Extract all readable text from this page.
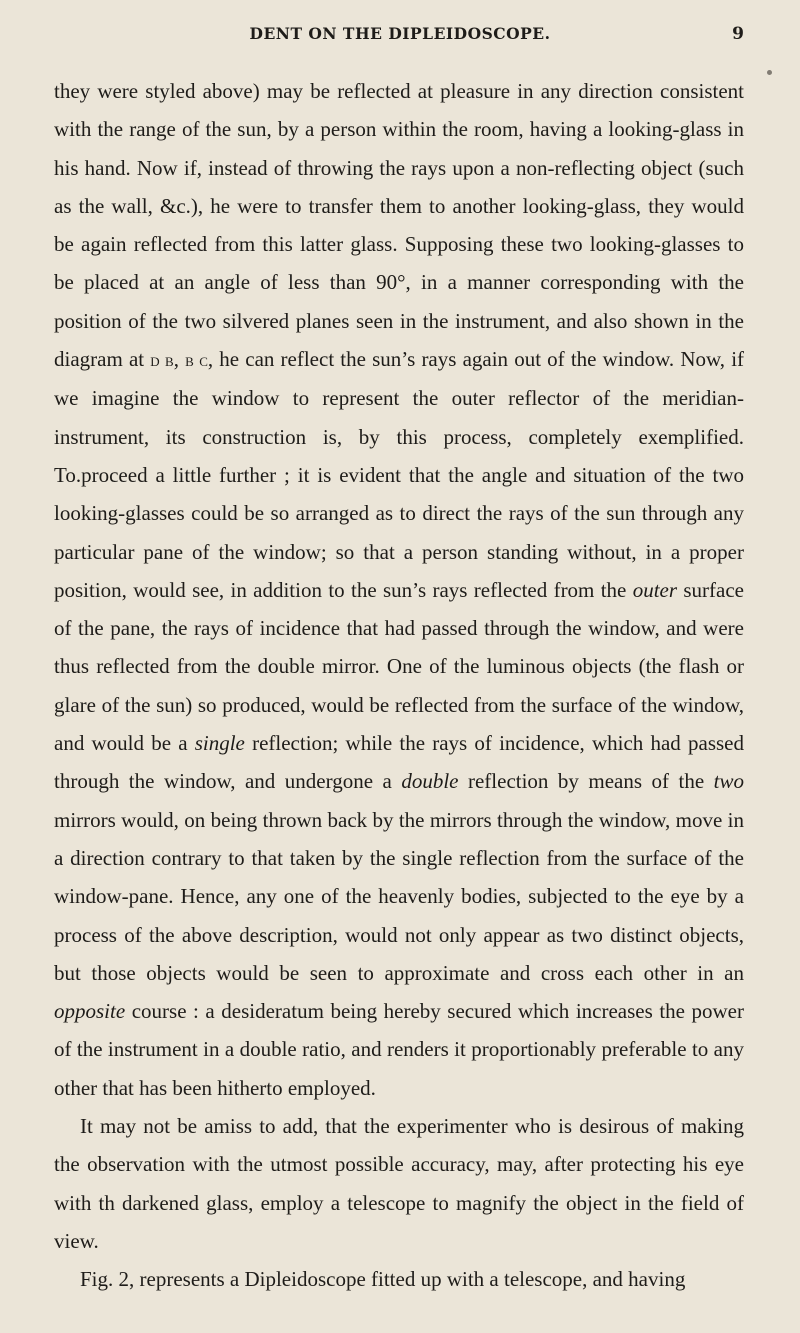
DENT ON THE DIPLEIDOSCOPE.	9

they were styled above) may be reflected at pleasure in any direction consistent with the range of the sun, by a person within the room, having a looking-glass in his hand. Now if, instead of throwing the rays upon a non-reflecting object (such as the wall, &c.), he were to transfer them to another looking-glass, they would be again reflected from this latter glass. Supposing these two looking-glasses to be placed at an angle of less than 90°, in a manner corresponding with the position of the two silvered planes seen in the instrument, and also shown in the diagram at d b, b c, he can reflect the sun’s rays again out of the window. Now, if we imagine the window to represent the outer reflector of the meridian-instrument, its construction is, by this process, completely exemplified. To.proceed a little further ; it is evident that the angle and situation of the two looking-glasses could be so arranged as to direct the rays of the sun through any particular pane of the window; so that a person standing without, in a proper position, would see, in addition to the sun’s rays reflected from the outer surface of the pane, the rays of incidence that had passed through the window, and were thus reflected from the double mirror. One of the luminous objects (the flash or glare of the sun) so produced, would be reflected from the surface of the window, and would be a single reflection; while the rays of incidence, which had passed through the window, and undergone a double reflection by means of the two mirrors would, on being thrown back by the mirrors through the window, move in a direction contrary to that taken by the single reflection from the surface of the window-pane. Hence, any one of the heavenly bodies, subjected to the eye by a process of the above description, would not only appear as two distinct objects, but those objects would be seen to approximate and cross each other in an opposite course : a desideratum being hereby secured which increases the power of the instrument in a double ratio, and renders it proportionably preferable to any other that has been hitherto employed.

It may not be amiss to add, that the experimenter who is desirous of making the observation with the utmost possible accuracy, may, after protecting his eye with th darkened glass, employ a telescope to magnify the object in the field of view.

Fig. 2, represents a Dipleidoscope fitted up with a telescope, and having
